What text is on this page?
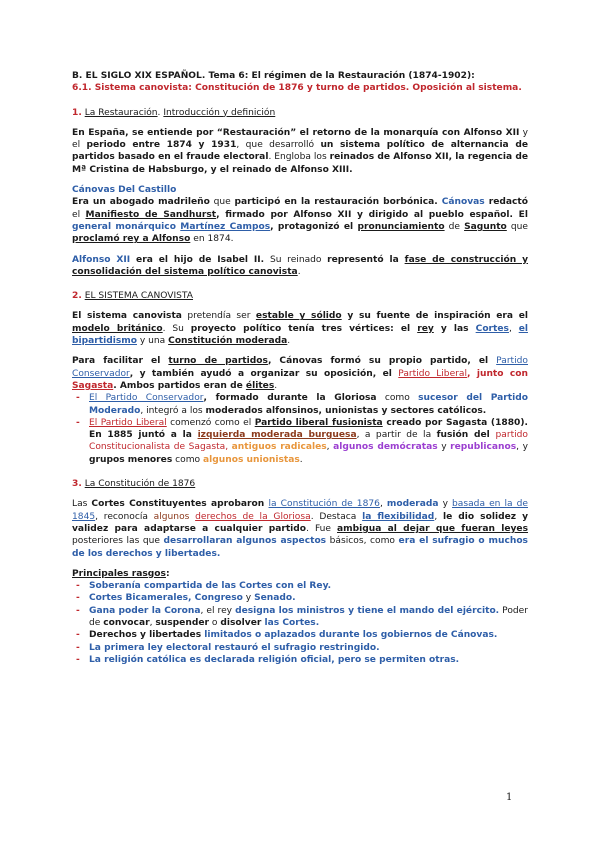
B. EL SIGLO XIX ESPAÑOL. Tema 6: El régimen de la Restauración (1874-1902):

6.1. Sistema canovista: Constitución de 1876 y turno de partidos. Oposición al sistema.

1. La Restauración. Introducción y definición

En España, se entiende por “Restauración” el retorno de la monarquía con Alfonso XII y el periodo entre 1874 y 1931, que desarrolló un sistema político de alternancia de partidos basado en el fraude electoral. Engloba los reinados de Alfonso XII, la regencia de Mª Cristina de Habsburgo, y el reinado de Alfonso XIII.

Cánovas Del Castillo

Era un abogado madrileño que participó en la restauración borbónica. Cánovas redactó el Manifiesto de Sandhurst, firmado por Alfonso XII y dirigido al pueblo español. El general monárquico Martínez Campos, protagonizó el pronunciamiento de Sagunto que proclamó rey a Alfonso en 1874.

Alfonso XII era el hijo de Isabel II. Su reinado representó la fase de construcción y consolidación del sistema político canovista.

2. EL SISTEMA CANOVISTA

El sistema canovista pretendía ser estable y sólido y su fuente de inspiración era el modelo británico. Su proyecto político tenía tres vértices: el rey y las Cortes, el bipartidismo y una Constitución moderada.

Para facilitar el turno de partidos, Cánovas formó su propio partido, el Partido Conservador, y también ayudó a organizar su oposición, el Partido Liberal, junto con Sagasta. Ambos partidos eran de élites.

- El Partido Conservador, formado durante la Gloriosa como sucesor del Partido Moderado, integró a los moderados alfonsinos, unionistas y sectores católicos.
- El Partido Liberal comenzó como el Partido liberal fusionista creado por Sagasta (1880). En 1885 juntó a la izquierda moderada burguesa, a partir de la fusión del partido Constitucionalista de Sagasta, antiguos radicales, algunos demócratas y republicanos, y grupos menores como algunos unionistas.

3. La Constitución de 1876

Las Cortes Constituyentes aprobaron la Constitución de 1876, moderada y basada en la de 1845, reconocía algunos derechos de la Gloriosa. Destaca la flexibilidad, le dio solidez y validez para adaptarse a cualquier partido. Fue ambigua al dejar que fueran leyes posteriores las que desarrollaran algunos aspectos básicos, como era el sufragio o muchos de los derechos y libertades.

Principales rasgos:

- Soberanía compartida de las Cortes con el Rey.
- Cortes Bicamerales, Congreso y Senado.
- Gana poder la Corona, el rey designa los ministros y tiene el mando del ejército. Poder de convocar, suspender o disolver las Cortes.
- Derechos y libertades limitados o aplazados durante los gobiernos de Cánovas.
- La primera ley electoral restauró el sufragio restringido.
- La religión católica es declarada religión oficial, pero se permiten otras.
1
